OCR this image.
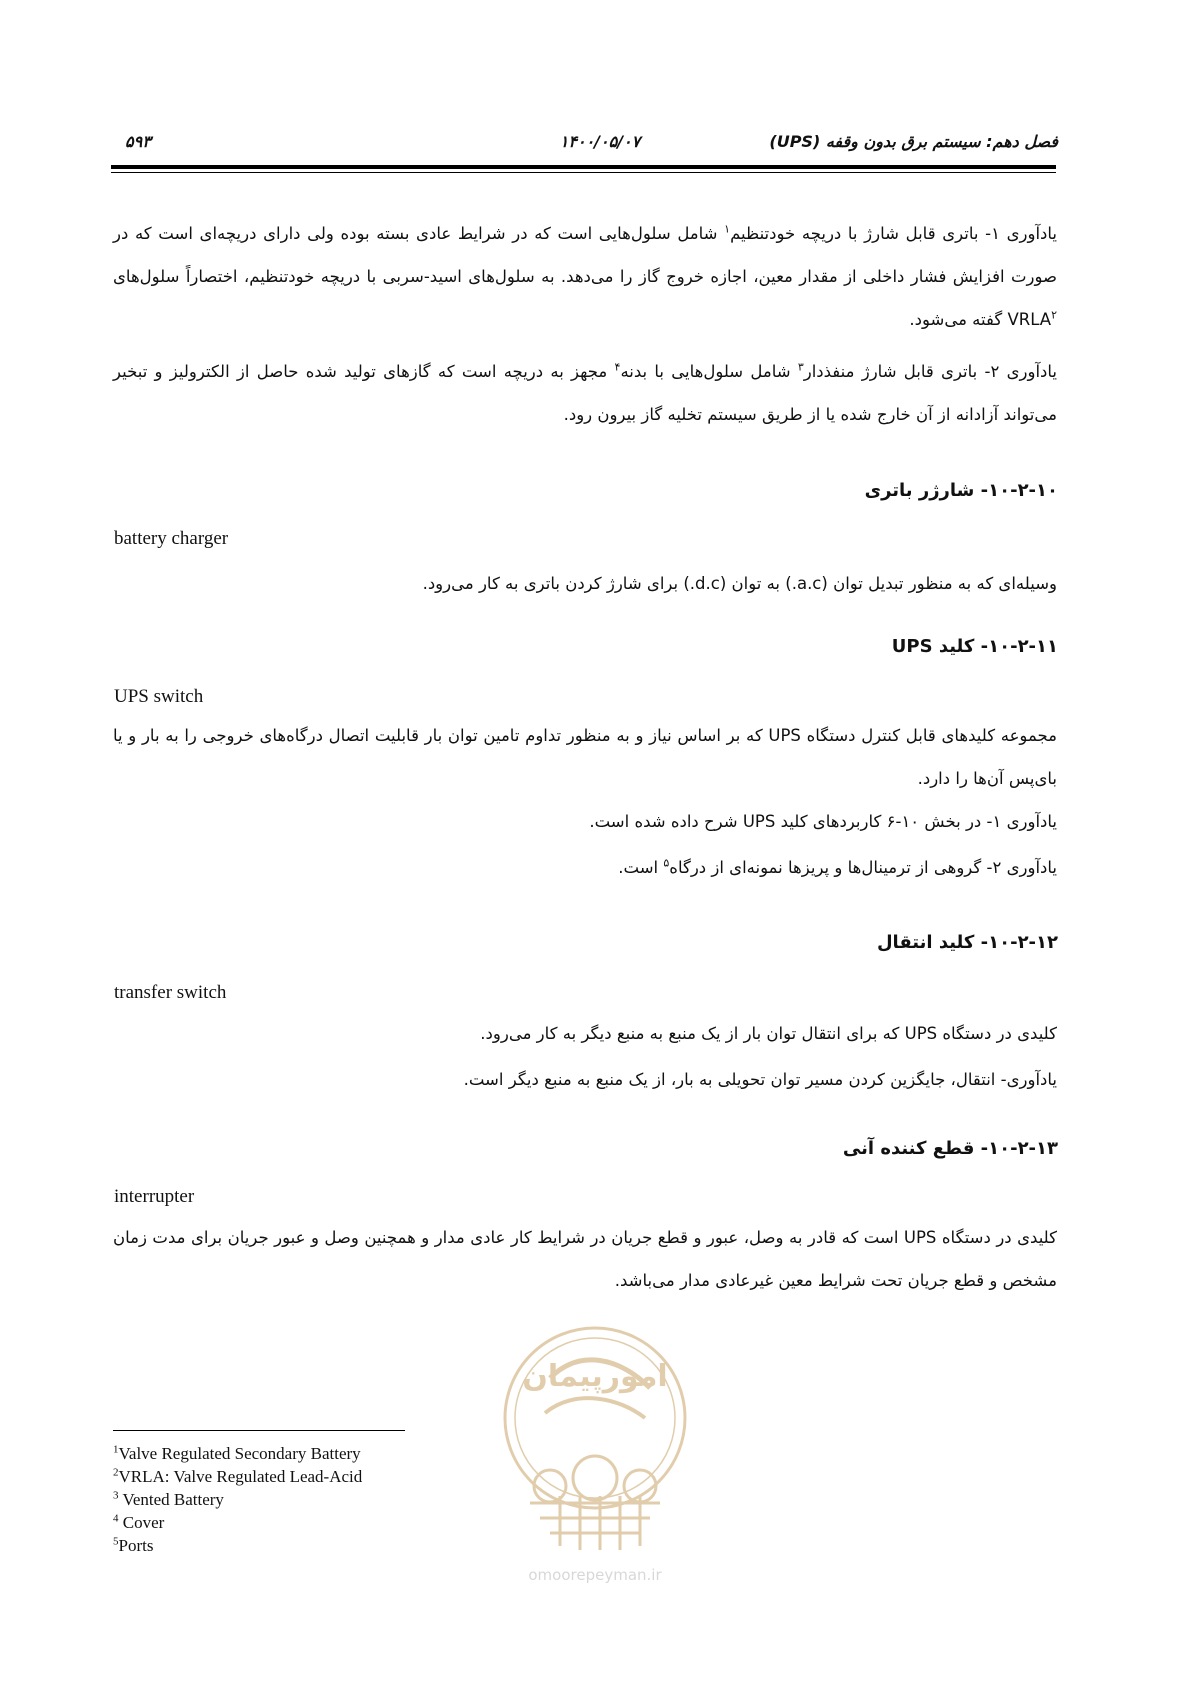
فصل دهم: سیستم برق بدون وقفه (UPS)
۱۴۰۰/۰۵/۰۷
۵۹۳
یادآوری ۱- باتری قابل شارژ با دریچه خودتنظیم$^۱$ شامل سلول‌هایی است که در شرایط عادی بسته بوده ولی دارای دریچه‌ای است که در صورت افزایش فشار داخلی از مقدار معین، اجازه خروج گاز را می‌دهد. به سلول‌های اسید-سربی با دریچه خودتنظیم، اختصاراً سلول‌های VRLA$^۲$ گفته می‌شود.
یادآوری ۲- باتری قابل شارژ منفذدار$^۳$ شامل سلول‌هایی با بدنه$^۴$ مجهز به دریچه است که گازهای تولید شده حاصل از الکترولیز و تبخیر می‌تواند آزادانه از آن خارج شده یا از طریق سیستم تخلیه گاز بیرون رود.
۱۰-۲-۱۰- شارژر باتری
battery charger
وسیله‌ای که به منظور تبدیل توان (a.c.) به توان (d.c.) برای شارژ کردن باتری به کار می‌رود.
۱۰-۲-۱۱- کلید UPS
UPS switch
مجموعه کلیدهای قابل کنترل دستگاه UPS که بر اساس نیاز و به منظور تداوم تامین توان بار قابلیت اتصال درگاه‌های خروجی را به بار و یا بای‌پس آن‌ها را دارد.
یادآوری ۱- در بخش ۱۰-۶ کاربردهای کلید UPS شرح داده شده است.
یادآوری ۲- گروهی از ترمینال‌ها و پریزها نمونه‌ای از درگاه$^۵$ است.
۱۰-۲-۱۲- کلید انتقال
transfer switch
کلیدی در دستگاه UPS که برای انتقال توان بار از یک منبع به منبع دیگر به کار می‌رود.
یادآوری- انتقال، جایگزین کردن مسیر توان تحویلی به بار، از یک منبع به منبع دیگر است.
۱۰-۲-۱۳- قطع کننده آنی
interrupter
کلیدی در دستگاه UPS است که قادر به وصل، عبور و قطع جریان در شرایط کار عادی مدار و همچنین وصل و عبور جریان برای مدت زمان مشخص و قطع جریان تحت شرایط معین غیرعادی مدار می‌باشد.
امورپیمان
omoorepeyman.ir
$^1$Valve Regulated Secondary Battery
$^2$VRLA: Valve Regulated Lead-Acid
$^3$ Vented Battery
$^4$ Cover
$^5$Ports
